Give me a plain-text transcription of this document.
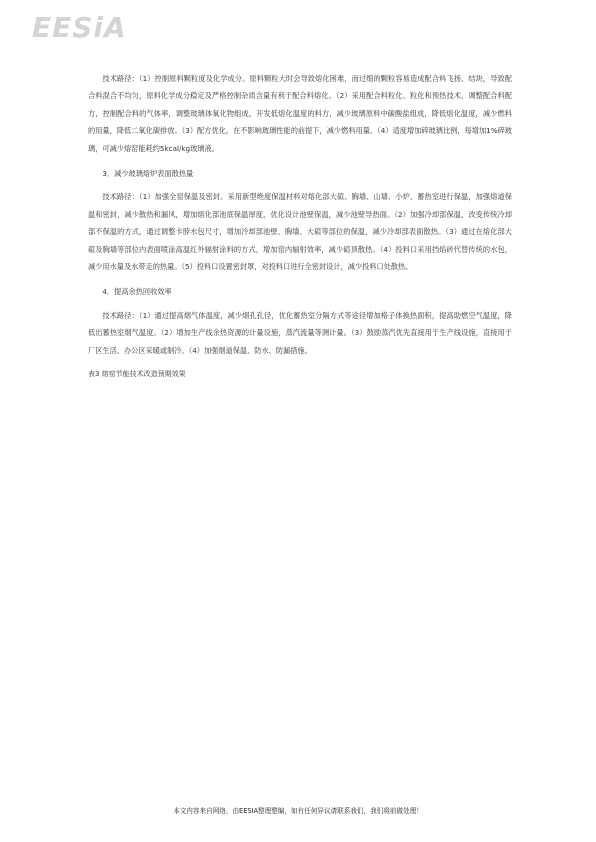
EESiA

技术路径：（1）控制原料颗粒度及化学成分。原料颗粒大时会导致熔化困难，而过细的颗粒容易造成配合料飞扬、结块，导致配合料混合不均匀，原料化学成分稳定及严格控制杂质含量有利于配合料熔化。（2）采用配合料粒化、粒化和预热技术，调整配合料配方，控制配合料的气体率，调整玻璃体氧化物组成，开发低熔化温度的料方，减少玻璃原料中碳酸盐组成，降低熔化温度，减少燃料的用量，降低二氧化碳排放。（3）配方优化，在不影响玻璃性能的前提下，减少燃料用量。（4）适度增加碎玻璃比例，每增加1%碎玻璃，可减少熔窑能耗约5kcal/kg玻璃液。

3．减少玻璃熔炉表面散热量

技术路径：（1）加强全窑保温及密封。采用新型绝度保温材料对熔化部大碹、胸墙、山墙、小炉、蓄热室进行保温，加强熔道保温和密封，减少散热和漏风，增加熔化部池底保温厚度，优化设计池壁保温，减少池壁导热面。（2）加强冷却部保温，改变传统冷却部不保温的方式，通过调整卡脖水包尺寸，增加冷却部池壁、胸墙、大碹等部位的保温，减少冷却部表面散热。（3）通过在熔化部大碹及胸墙等部位内表面喷涂高温红外辐射涂料的方式，增加窑内辐射效率，减少碹顶散热。（4）投料口采用挡焰砖代替传统的水包，减少用水量及水带走的热量。（5）投料口设置密封罩，对投料口进行全密封设计，减少投料口处散热。

4．提高余热回收效率

技术路径：（1）通过提高烟气体温度，减少烟孔孔径，优化蓄热室分隔方式等途径增加格子体换热面积，提高助燃空气温度，降低出蓄热室烟气温度。（2）增加生产线余热资源的计量设施，蒸汽流量等测计量。（3）鼓励蒸汽优先直接用于生产线设施，直接用于厂区生活、办公区采暖或制冷。（4）加强烟道保温、防水、防漏措施。

表3 熔窑节能技术改造预期效果

本文内容来自网络，由EESIA整理整编，如有任何异议请联系我们，我们将前做处理！
